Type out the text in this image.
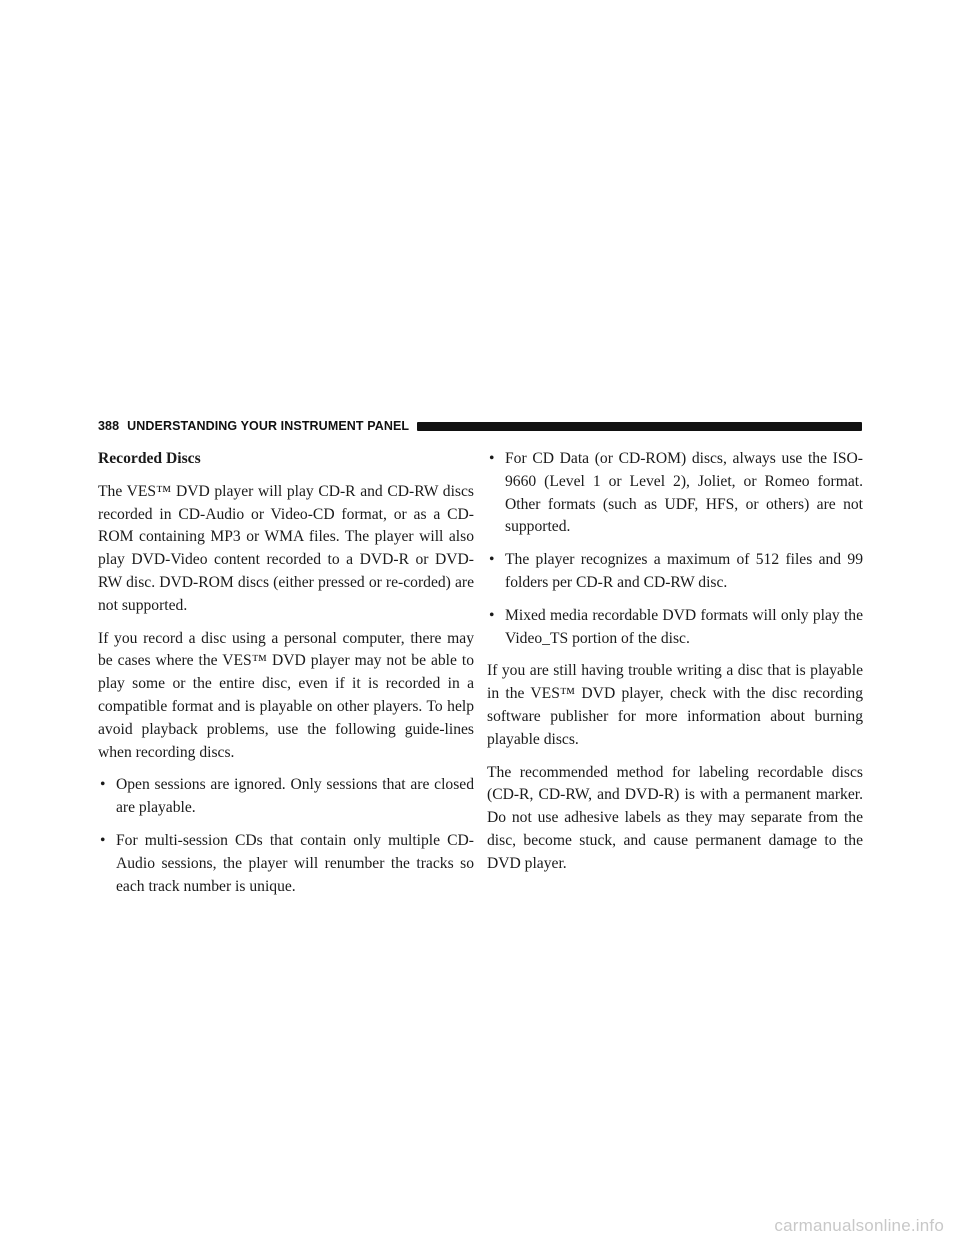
388 UNDERSTANDING YOUR INSTRUMENT PANEL
Recorded Discs

The VES™ DVD player will play CD-R and CD-RW discs recorded in CD-Audio or Video-CD format, or as a CD-ROM containing MP3 or WMA files. The player will also play DVD-Video content recorded to a DVD-R or DVD-RW disc. DVD-ROM discs (either pressed or re-corded) are not supported.

If you record a disc using a personal computer, there may be cases where the VES™ DVD player may not be able to play some or the entire disc, even if it is recorded in a compatible format and is playable on other players. To help avoid playback problems, use the following guide-lines when recording discs.

• Open sessions are ignored. Only sessions that are closed are playable.
• For multi-session CDs that contain only multiple CD-Audio sessions, the player will renumber the tracks so each track number is unique.
• For CD Data (or CD-ROM) discs, always use the ISO-9660 (Level 1 or Level 2), Joliet, or Romeo format. Other formats (such as UDF, HFS, or others) are not supported.
• The player recognizes a maximum of 512 files and 99 folders per CD-R and CD-RW disc.
• Mixed media recordable DVD formats will only play the Video_TS portion of the disc.

If you are still having trouble writing a disc that is playable in the VES™ DVD player, check with the disc recording software publisher for more information about burning playable discs.

The recommended method for labeling recordable discs (CD-R, CD-RW, and DVD-R) is with a permanent marker. Do not use adhesive labels as they may separate from the disc, become stuck, and cause permanent damage to the DVD player.

carmanualsonline.info
